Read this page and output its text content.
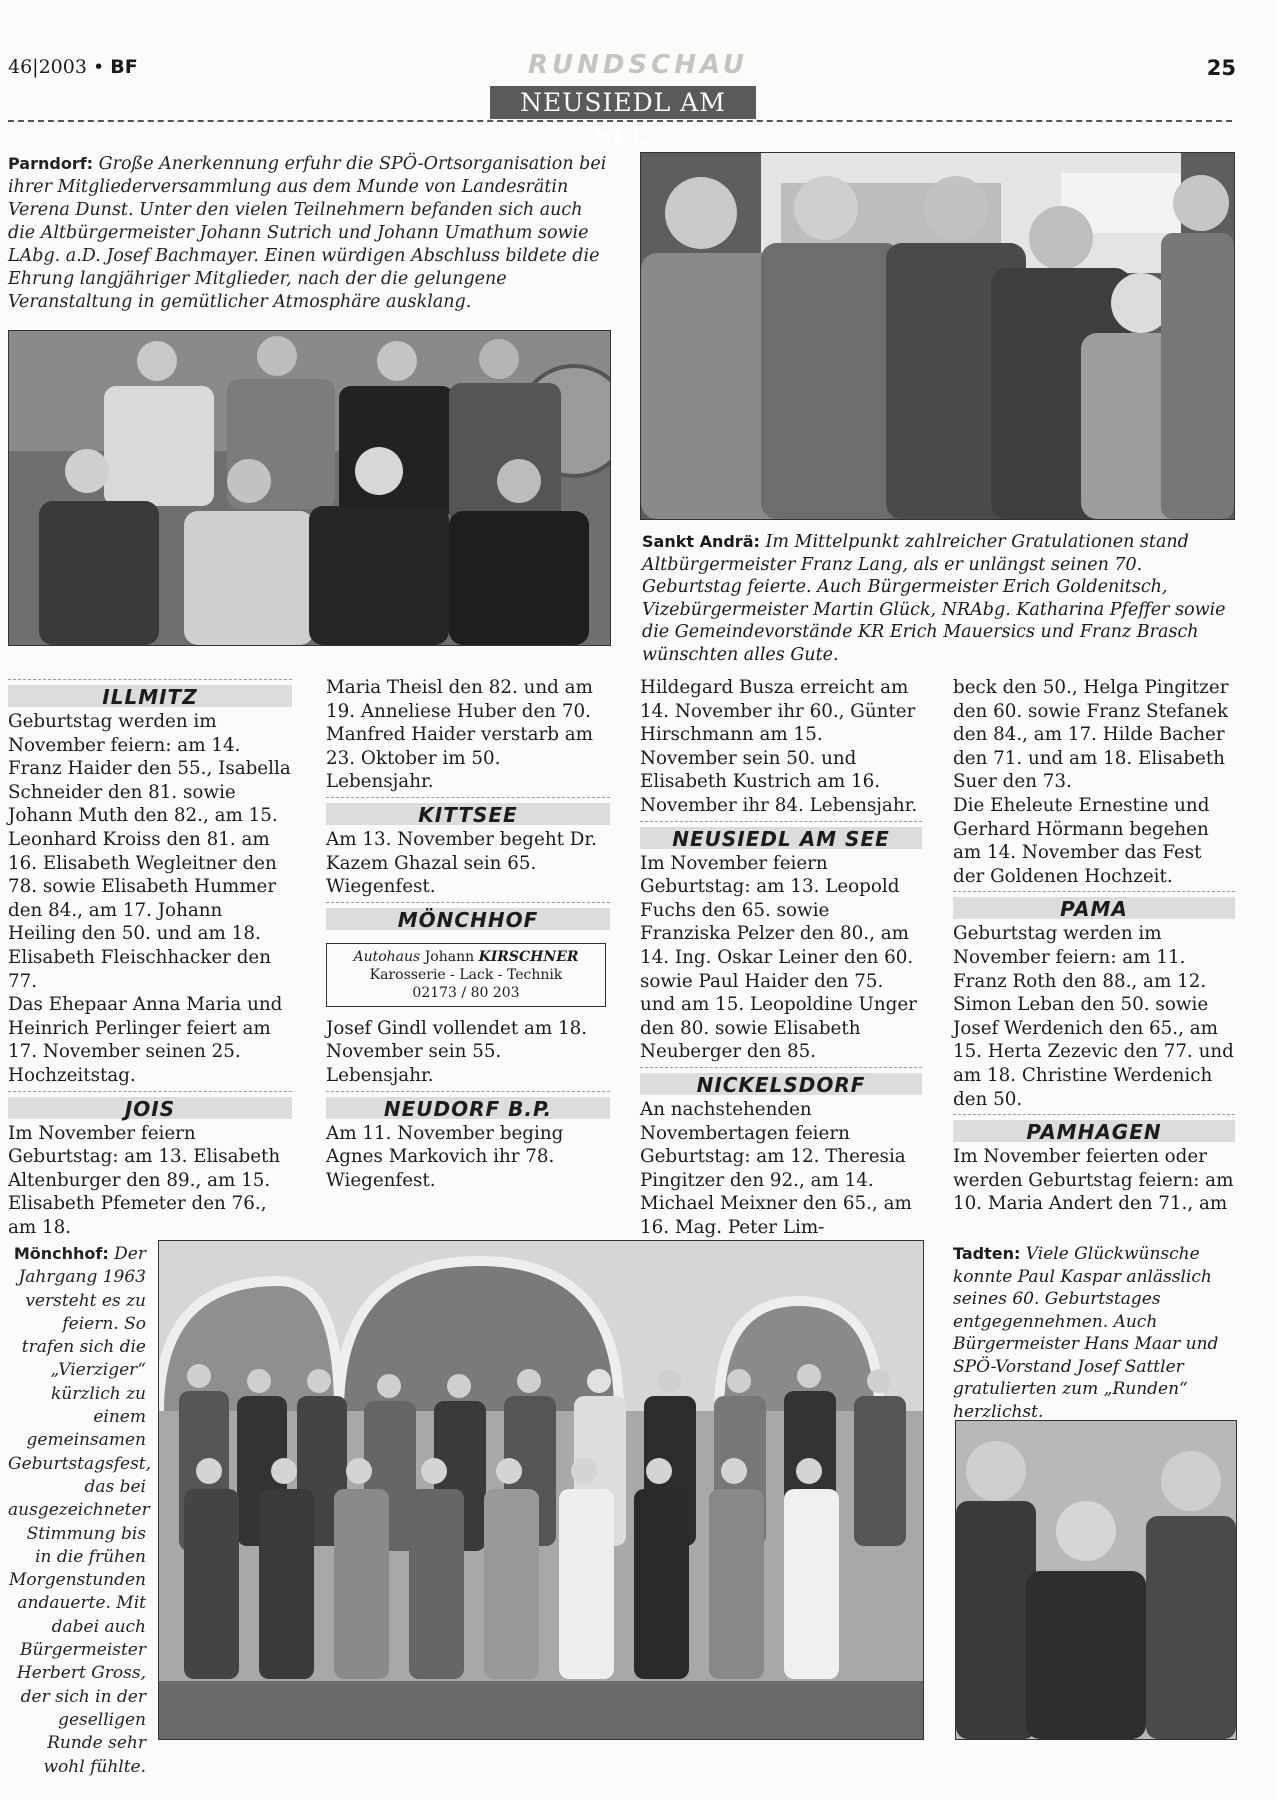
46|2003 • BF	RUNDSCHAU	25
NEUSIEDL AM SEE
Parndorf: Große Anerkennung erfuhr die SPÖ-Ortsorganisation bei ihrer Mitgliederversammlung aus dem Munde von Landesrätin Verena Dunst. Unter den vielen Teilnehmern befanden sich auch die Altbürgermeister Johann Sutrich und Johann Umathum sowie LAbg. a.D. Josef Bachmayer. Einen würdigen Abschluss bildete die Ehrung langjähriger Mitglieder, nach der die gelungene Veranstaltung in gemütlicher Atmosphäre ausklang.
Sankt Andrä: Im Mittelpunkt zahlreicher Gratulationen stand Altbürgermeister Franz Lang, als er unlängst seinen 70. Geburtstag feierte. Auch Bürgermeister Erich Goldenitsch, Vizebürgermeister Martin Glück, NRAbg. Katharina Pfeffer sowie die Gemeindevorstände KR Erich Mauersics und Franz Brasch wünschten alles Gute.
ILLMITZ

Geburtstag werden im November feiern: am 14. Franz Haider den 55., Isabella Schneider den 81. sowie Johann Muth den 82., am 15. Leonhard Kroiss den 81. am 16. Elisabeth Wegleitner den 78. sowie Elisabeth Hummer den 84., am 17. Johann Heiling den 50. und am 18. Elisabeth Fleischhacker den 77.

Das Ehepaar Anna Maria und Heinrich Perlinger feiert am 17. November seinen 25. Hochzeitstag.

JOIS

Im November feiern Geburtstag: am 13. Elisabeth Altenburger den 89., am 15. Elisabeth Pfemeter den 76., am 18.

Maria Theisl den 82. und am 19. Anneliese Huber den 70. Manfred Haider verstarb am 23. Oktober im 50. Lebensjahr.

KITTSEE

Am 13. November begeht Dr. Kazem Ghazal sein 65. Wiegenfest.

MÖNCHHOF
Autohaus Johann KIRSCHNER
Karosserie - Lack - Technik
02173 / 80 203

Josef Gindl vollendet am 18. November sein 55. Lebensjahr.

NEUDORF B.P.

Am 11. November beging Agnes Markovich ihr 78. Wiegenfest.

Hildegard Busza erreicht am 14. November ihr 60., Günter Hirschmann am 15. November sein 50. und Elisabeth Kustrich am 16. November ihr 84. Lebensjahr.

NEUSIEDL AM SEE

Im November feiern Geburtstag: am 13. Leopold Fuchs den 65. sowie Franziska Pelzer den 80., am 14. Ing. Oskar Leiner den 60. sowie Paul Haider den 75. und am 15. Leopoldine Unger den 80. sowie Elisabeth Neuberger den 85.

NICKELSDORF

An nachstehenden Novembertagen feiern Geburtstag: am 12. Theresia Pingitzer den 92., am 14. Michael Meixner den 65., am 16. Mag. Peter Lim-

beck den 50., Helga Pingitzer den 60. sowie Franz Stefanek den 84., am 17. Hilde Bacher den 71. und am 18. Elisabeth Suer den 73.

Die Eheleute Ernestine und Gerhard Hörmann begehen am 14. November das Fest der Goldenen Hochzeit.

PAMA

Geburtstag werden im November feiern: am 11. Franz Roth den 88., am 12. Simon Leban den 50. sowie Josef Werdenich den 65., am 15. Herta Zezevic den 77. und am 18. Christine Werdenich den 50.

PAMHAGEN

Im November feierten oder werden Geburtstag feiern: am 10. Maria Andert den 71., am

Mönchhof: Der Jahrgang 1963 versteht es zu feiern. So trafen sich die „Vierziger“ kürzlich zu einem gemeinsamen Geburtstagsfest, das bei ausgezeichneter Stimmung bis in die frühen Morgenstunden andauerte. Mit dabei auch Bürgermeister Herbert Gross, der sich in der geselligen Runde sehr wohl fühlte.
Tadten: Viele Glückwünsche konnte Paul Kaspar anlässlich seines 60. Geburtstages entgegennehmen. Auch Bürgermeister Hans Maar und SPÖ-Vorstand Josef Sattler gratulierten zum „Runden“ herzlichst.
